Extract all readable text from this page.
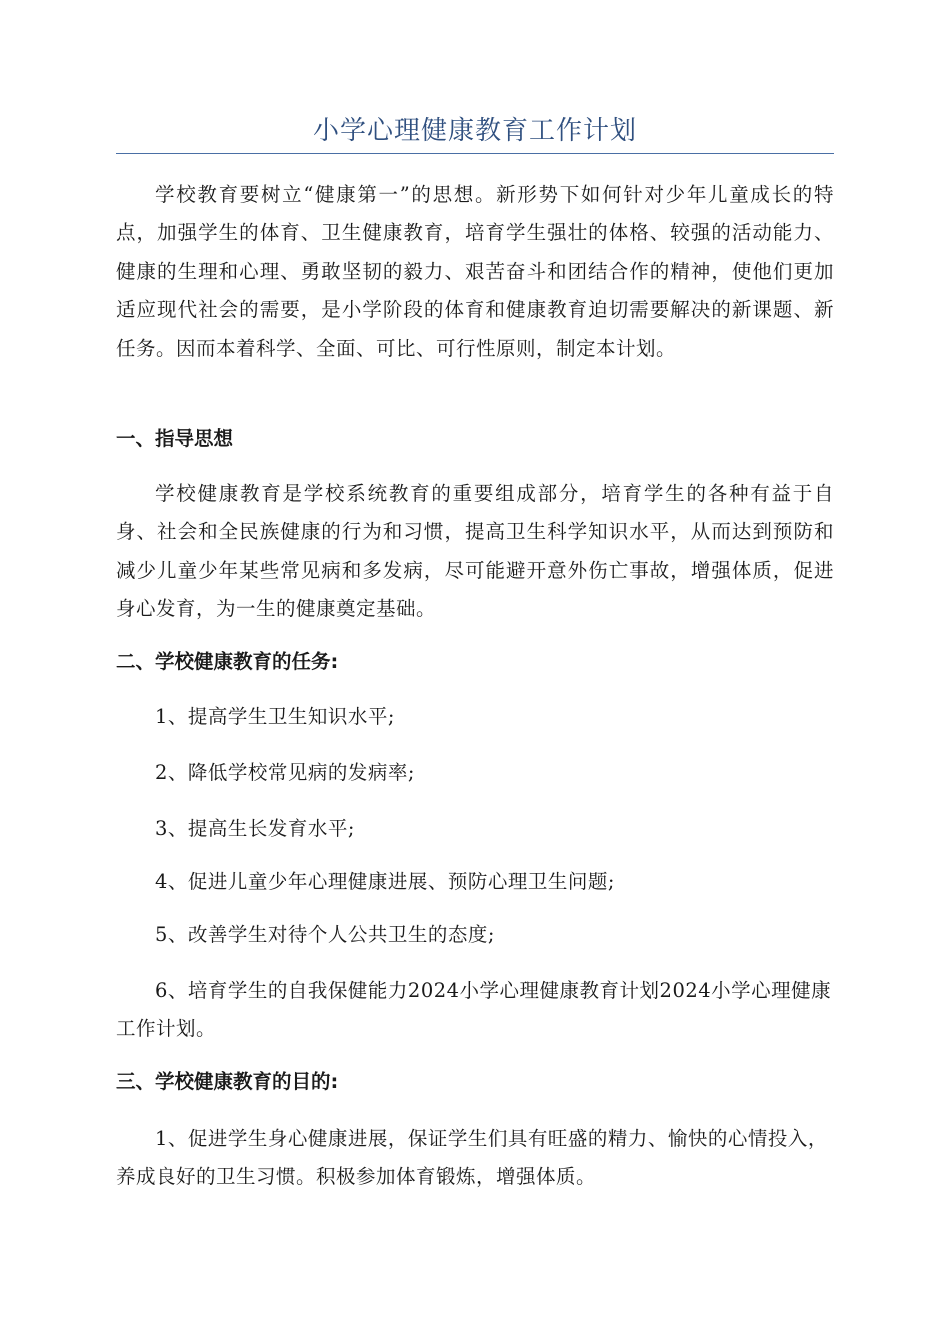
小学心理健康教育工作计划

学校教育要树立“健康第一”的思想。新形势下如何针对少年儿童成长的特点，加强学生的体育、卫生健康教育，培育学生强壮的体格、较强的活动能力、健康的生理和心理、勇敢坚韧的毅力、艰苦奋斗和团结合作的精神，使他们更加适应现代社会的需要，是小学阶段的体育和健康教育迫切需要解决的新课题、新任务。因而本着科学、全面、可比、可行性原则，制定本计划。

一、指导思想

学校健康教育是学校系统教育的重要组成部分，培育学生的各种有益于自身、社会和全民族健康的行为和习惯，提高卫生科学知识水平，从而达到预防和减少儿童少年某些常见病和多发病，尽可能避开意外伤亡事故，增强体质，促进身心发育，为一生的健康奠定基础。

二、学校健康教育的任务:

1、提高学生卫生知识水平;

2、降低学校常见病的发病率;

3、提高生长发育水平;

4、促进儿童少年心理健康进展、预防心理卫生问题;

5、改善学生对待个人公共卫生的态度;

6、培育学生的自我保健能力2024小学心理健康教育计划2024小学心理健康工作计划。

三、学校健康教育的目的:

1、促进学生身心健康进展，保证学生们具有旺盛的精力、愉快的心情投入，养成良好的卫生习惯。积极参加体育锻炼，增强体质。
